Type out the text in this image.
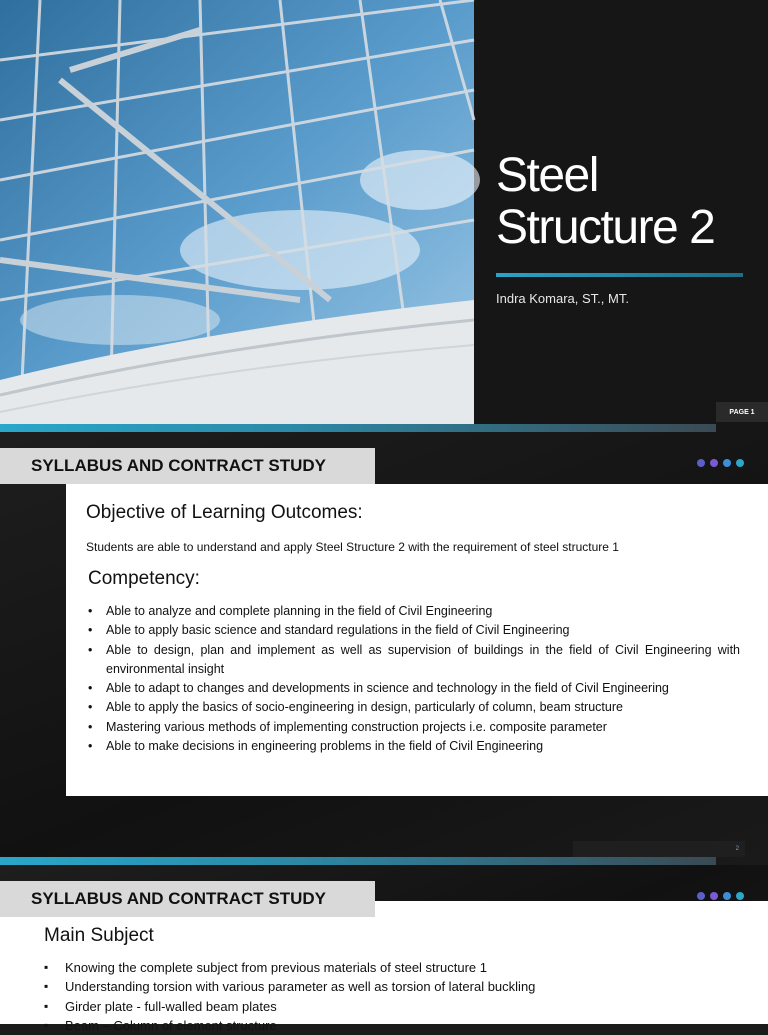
Steel
Structure 2
Indra Komara, ST., MT.
PAGE 1
SYLLABUS AND CONTRACT STUDY
Objective of Learning Outcomes:
Students are able to understand and apply Steel Structure 2 with the requirement of steel structure 1
Competency:
• Able to analyze and complete planning in the field of Civil Engineering
• Able to apply basic science and standard regulations in the field of Civil Engineering
• Able to design, plan and implement as well as supervision of buildings in the field of Civil Engineering with environmental insight
• Able to adapt to changes and developments in science and technology in the field of Civil Engineering
• Able to apply the basics of socio-engineering in design, particularly of column, beam structure
• Mastering various methods of implementing construction projects i.e. composite parameter
• Able to make decisions in engineering problems in the field of Civil Engineering
2
SYLLABUS AND CONTRACT STUDY
Main Subject
▪ Knowing the complete subject from previous materials of steel structure 1
▪ Understanding torsion with various parameter as well as torsion of lateral buckling
▪ Girder plate - full-walled beam plates
▪ Beam – Column of element structure
